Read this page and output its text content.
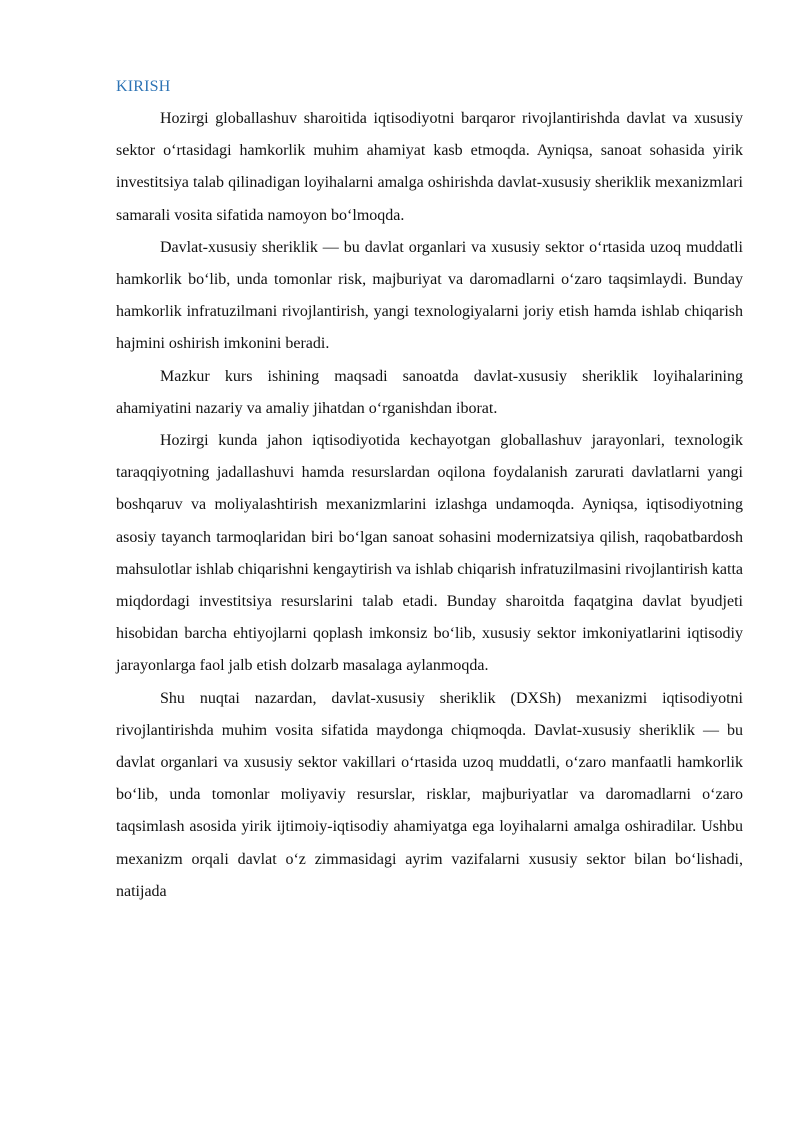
KIRISH

Hozirgi globallashuv sharoitida iqtisodiyotni barqaror rivojlantirishda davlat va xususiy sektor o‘rtasidagi hamkorlik muhim ahamiyat kasb etmoqda. Ayniqsa, sanoat sohasida yirik investitsiya talab qilinadigan loyihalarni amalga oshirishda davlat-xususiy sheriklik mexanizmlari samarali vosita sifatida namoyon bo‘lmoqda.

Davlat-xususiy sheriklik — bu davlat organlari va xususiy sektor o‘rtasida uzoq muddatli hamkorlik bo‘lib, unda tomonlar risk, majburiyat va daromadlarni o‘zaro taqsimlaydi. Bunday hamkorlik infratuzilmani rivojlantirish, yangi texnologiyalarni joriy etish hamda ishlab chiqarish hajmini oshirish imkonini beradi.

Mazkur kurs ishining maqsadi sanoatda davlat-xususiy sheriklik loyihalarining ahamiyatini nazariy va amaliy jihatdan o‘rganishdan iborat.

Hozirgi kunda jahon iqtisodiyotida kechayotgan globallashuv jarayonlari, texnologik taraqqiyotning jadallashuvi hamda resurslardan oqilona foydalanish zarurati davlatlarni yangi boshqaruv va moliyalashtirish mexanizmlarini izlashga undamoqda. Ayniqsa, iqtisodiyotning asosiy tayanch tarmoqlaridan biri bo‘lgan sanoat sohasini modernizatsiya qilish, raqobatbardosh mahsulotlar ishlab chiqarishni kengaytirish va ishlab chiqarish infratuzilmasini rivojlantirish katta miqdordagi investitsiya resurslarini talab etadi. Bunday sharoitda faqatgina davlat byudjeti hisobidan barcha ehtiyojlarni qoplash imkonsiz bo‘lib, xususiy sektor imkoniyatlarini iqtisodiy jarayonlarga faol jalb etish dolzarb masalaga aylanmoqda.

Shu nuqtai nazardan, davlat-xususiy sheriklik (DXSh) mexanizmi iqtisodiyotni rivojlantirishda muhim vosita sifatida maydonga chiqmoqda. Davlat-xususiy sheriklik — bu davlat organlari va xususiy sektor vakillari o‘rtasida uzoq muddatli, o‘zaro manfaatli hamkorlik bo‘lib, unda tomonlar moliyaviy resurslar, risklar, majburiyatlar va daromadlarni o‘zaro taqsimlash asosida yirik ijtimoiy-iqtisodiy ahamiyatga ega loyihalarni amalga oshiradilar. Ushbu mexanizm orqali davlat o‘z zimmasidagi ayrim vazifalarni xususiy sektor bilan bo‘lishadi, natijada
